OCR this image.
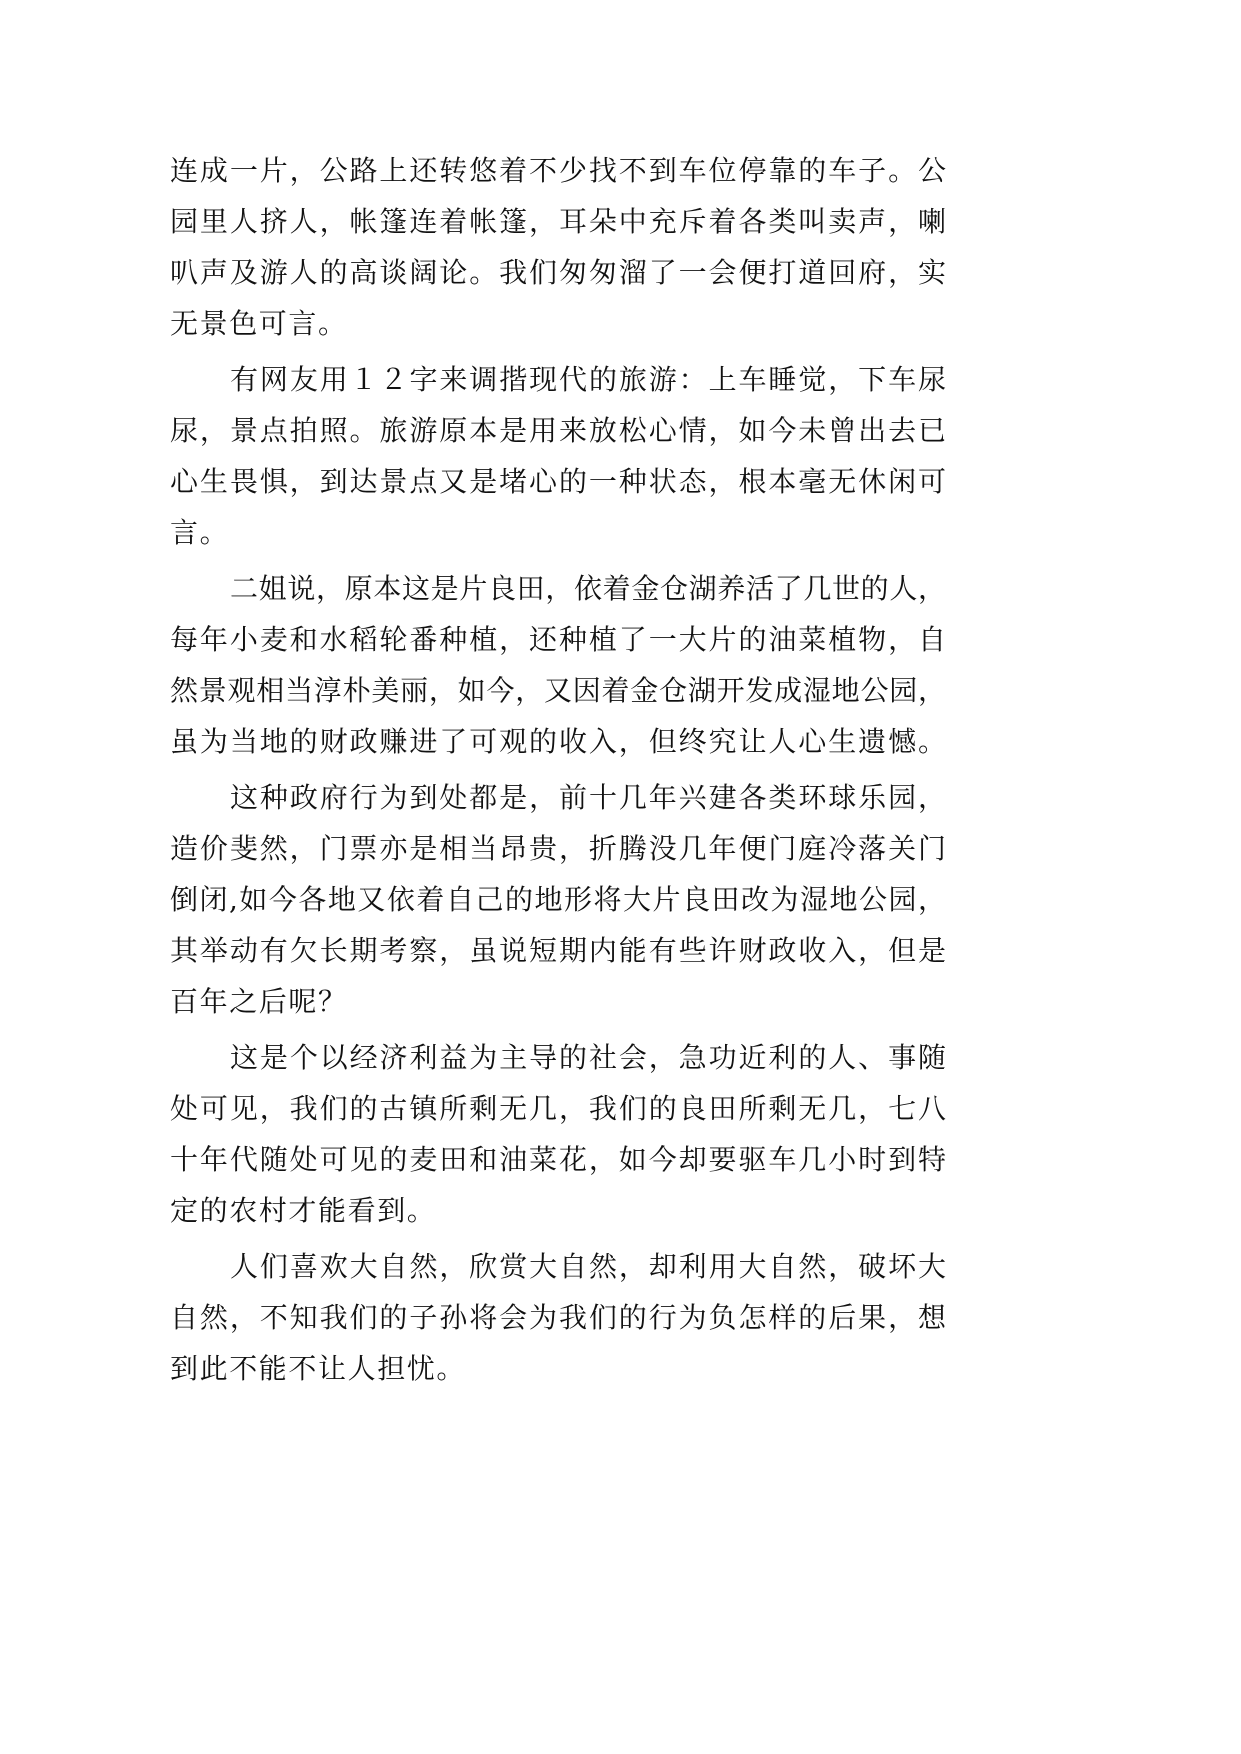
连成一片，公路上还转悠着不少找不到车位停靠的车子。公
园里人挤人，帐篷连着帐篷，耳朵中充斥着各类叫卖声，喇
叭声及游人的高谈阔论。我们匆匆溜了一会便打道回府，实
无景色可言。
有网友用１２字来调揩现代的旅游：上车睡觉，下车尿
尿，景点拍照。旅游原本是用来放松心情，如今未曾出去已
心生畏惧，到达景点又是堵心的一种状态，根本毫无休闲可
言。
二姐说，原本这是片良田，依着金仓湖养活了几世的人，
每年小麦和水稻轮番种植，还种植了一大片的油菜植物，自
然景观相当淳朴美丽，如今，又因着金仓湖开发成湿地公园，
虽为当地的财政赚进了可观的收入，但终究让人心生遗憾。
这种政府行为到处都是，前十几年兴建各类环球乐园，
造价斐然，门票亦是相当昂贵，折腾没几年便门庭冷落关门
倒闭,如今各地又依着自己的地形将大片良田改为湿地公园，
其举动有欠长期考察，虽说短期内能有些许财政收入，但是
百年之后呢？
这是个以经济利益为主导的社会，急功近利的人、事随
处可见，我们的古镇所剩无几，我们的良田所剩无几，七八
十年代随处可见的麦田和油菜花，如今却要驱车几小时到特
定的农村才能看到。
人们喜欢大自然，欣赏大自然，却利用大自然，破坏大
自然，不知我们的子孙将会为我们的行为负怎样的后果，想
到此不能不让人担忧。
